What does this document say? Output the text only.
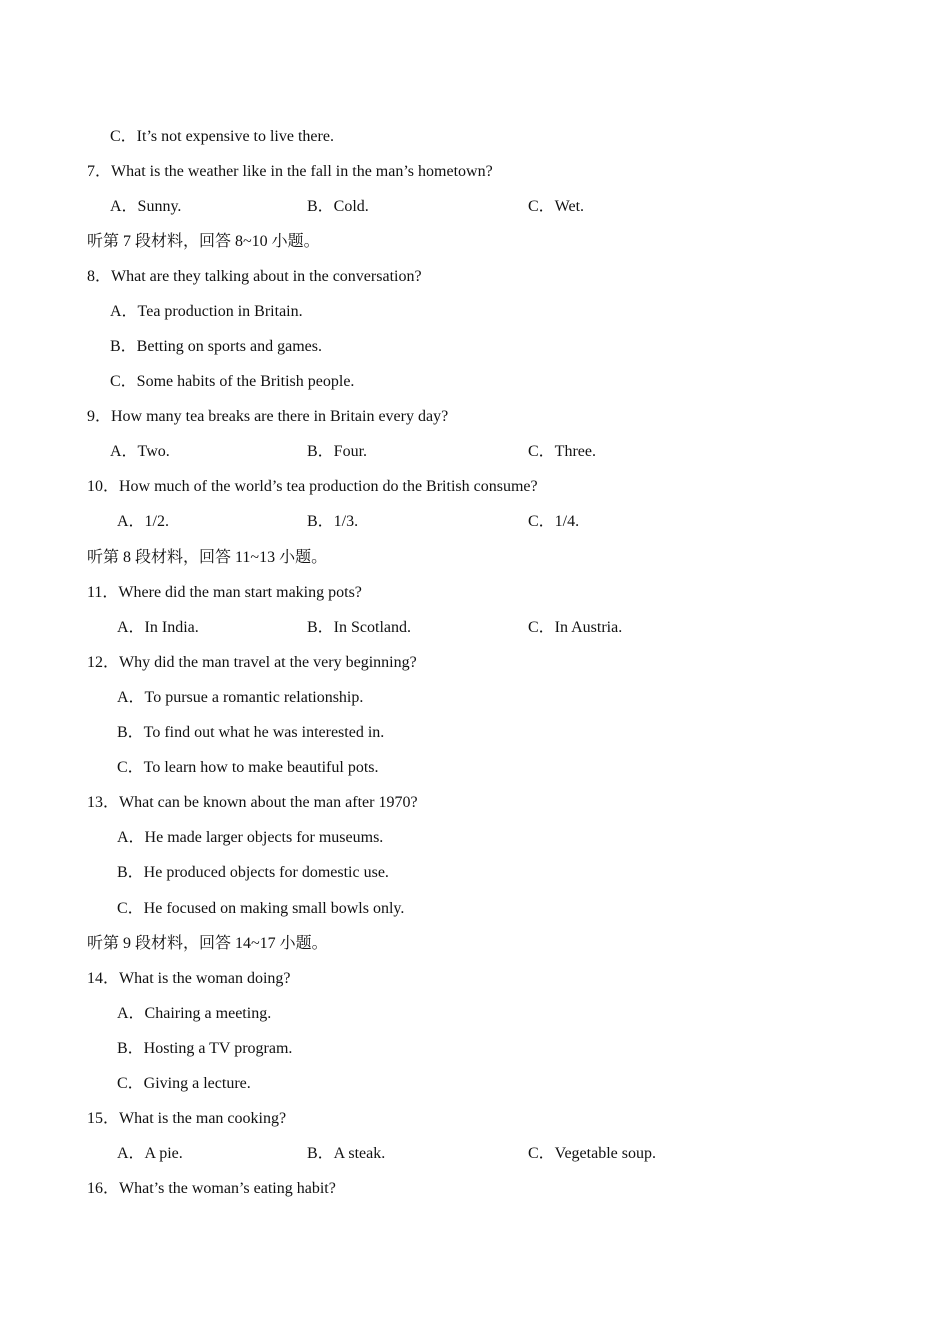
C．It’s not expensive to live there.
7．What is the weather like in the fall in the man’s hometown?
A．Sunny.	B．Cold.	C．Wet.
听第 7 段材料，回答 8~10 小题。
8．What are they talking about in the conversation?
A．Tea production in Britain.
B．Betting on sports and games.
C．Some habits of the British people.
9．How many tea breaks are there in Britain every day?
A．Two.	B．Four.	C．Three.
10．How much of the world’s tea production do the British consume?
A．1/2.	B．1/3.	C．1/4.
听第 8 段材料，回答 11~13 小题。
11．Where did the man start making pots?
A．In India.	B．In Scotland.	C．In Austria.
12．Why did the man travel at the very beginning?
A．To pursue a romantic relationship.
B．To find out what he was interested in.
C．To learn how to make beautiful pots.
13．What can be known about the man after 1970?
A．He made larger objects for museums.
B．He produced objects for domestic use.
C．He focused on making small bowls only.
听第 9 段材料，回答 14~17 小题。
14．What is the woman doing?
A．Chairing a meeting.
B．Hosting a TV program.
C．Giving a lecture.
15．What is the man cooking?
A．A pie.	B．A steak.	C．Vegetable soup.
16．What’s the woman’s eating habit?
